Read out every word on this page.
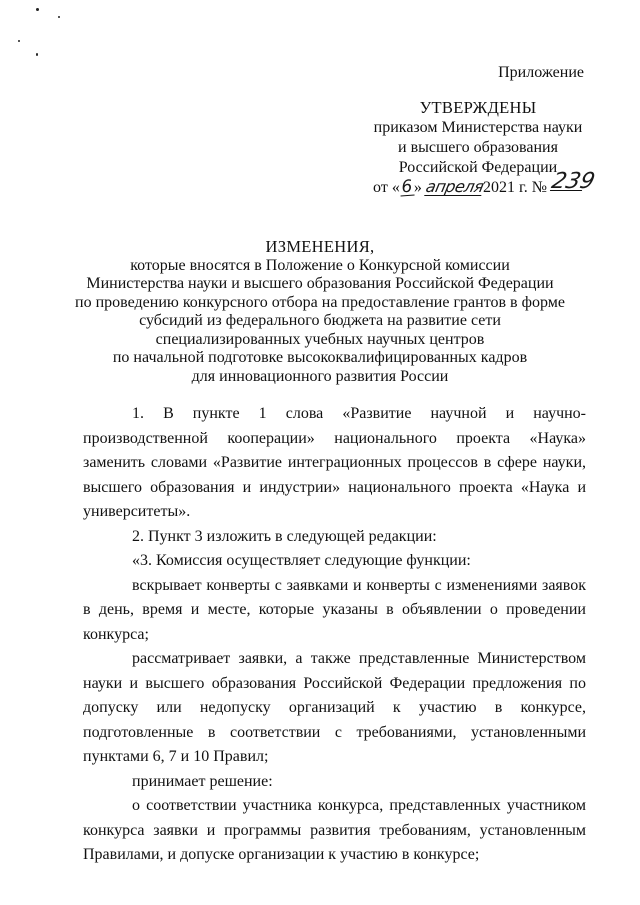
Приложение
УТВЕРЖДЕНЫ
приказом Министерства науки
и высшего образования
Российской Федерации
от «6» апреля2021 г. № 239
ИЗМЕНЕНИЯ,
которые вносятся в Положение о Конкурсной комиссии
Министерства науки и высшего образования Российской Федерации
по проведению конкурсного отбора на предоставление грантов в форме
субсидий из федерального бюджета на развитие сети
специализированных учебных научных центров
по начальной подготовке высококвалифицированных кадров
для инновационного развития России

1. В пункте 1 слова «Развитие научной и научно-производственной кооперации» национального проекта «Наука» заменить словами «Развитие интеграционных процессов в сфере науки, высшего образования и индустрии» национального проекта «Наука и университеты».

2. Пункт 3 изложить в следующей редакции:

«3. Комиссия осуществляет следующие функции:

вскрывает конверты с заявками и конверты с изменениями заявок в день, время и месте, которые указаны в объявлении о проведении конкурса;

рассматривает заявки, а также представленные Министерством науки и высшего образования Российской Федерации предложения по допуску или недопуску организаций к участию в конкурсе, подготовленные в соответствии с требованиями, установленными пунктами 6, 7 и 10 Правил;

принимает решение:

о соответствии участника конкурса, представленных участником конкурса заявки и программы развития требованиям, установленным Правилами, и допуске организации к участию в конкурсе;
